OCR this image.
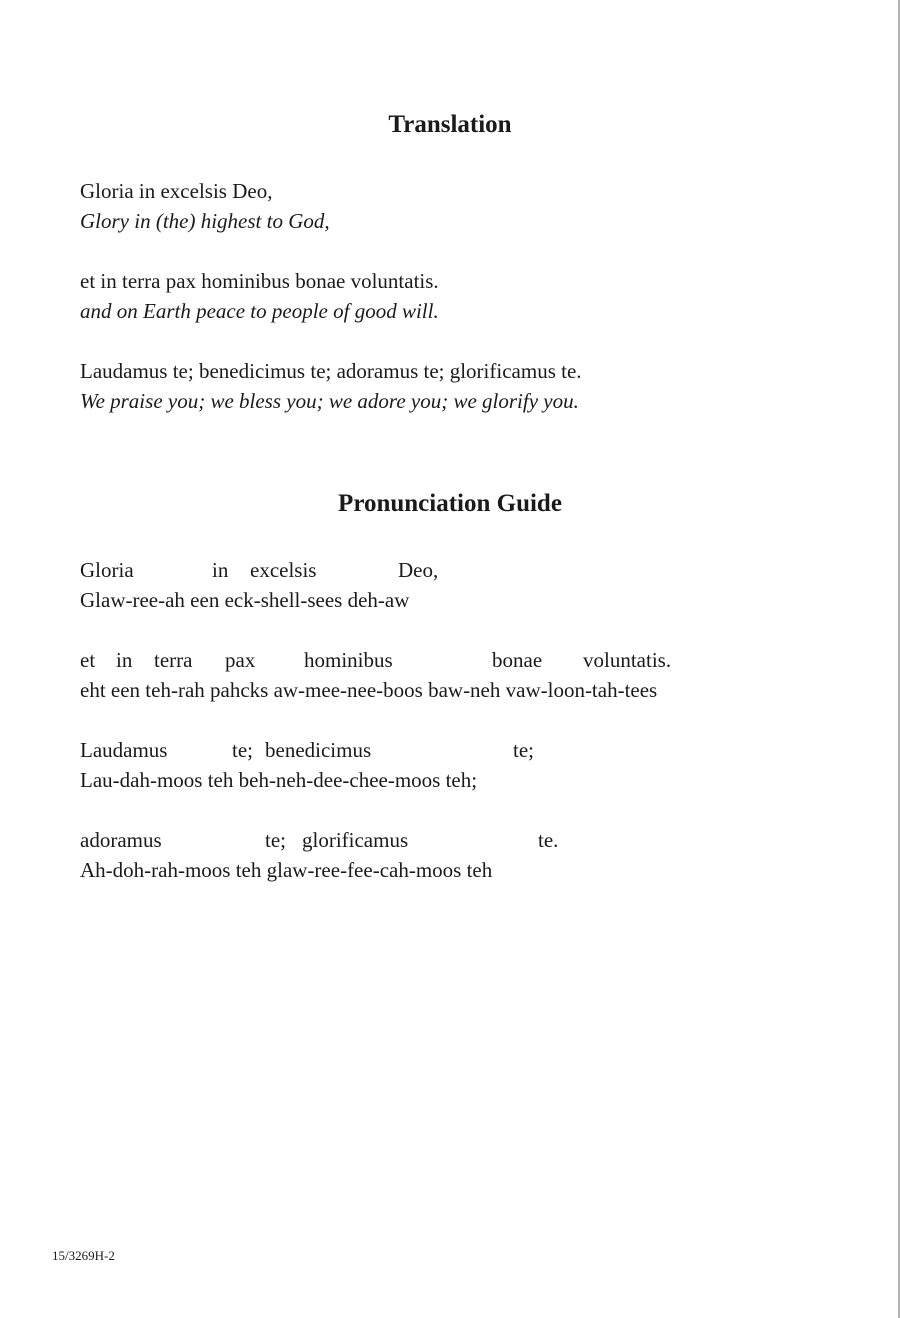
Translation

Gloria in excelsis Deo,

Glory in (the) highest to God,

et in terra pax hominibus bonae voluntatis.

and on Earth peace to people of good will.

Laudamus te; benedicimus te; adoramus te; glorificamus te.

We praise you; we bless you; we adore you; we glorify you.

Pronunciation Guide
Gloria	in excelsis	Deo,

Glaw-ree-ah een eck-shell-sees deh-aw

et in terra pax hominibus	bonae voluntatis.

eht een teh-rah pahcks aw-mee-nee-boos baw-neh vaw-loon-tah-tees

Laudamus	te; benedicimus	te;

Lau-dah-moos teh beh-neh-dee-chee-moos teh;

adoramus	te; glorificamus	te.

Ah-doh-rah-moos teh glaw-ree-fee-cah-moos teh

15/3269H-2
